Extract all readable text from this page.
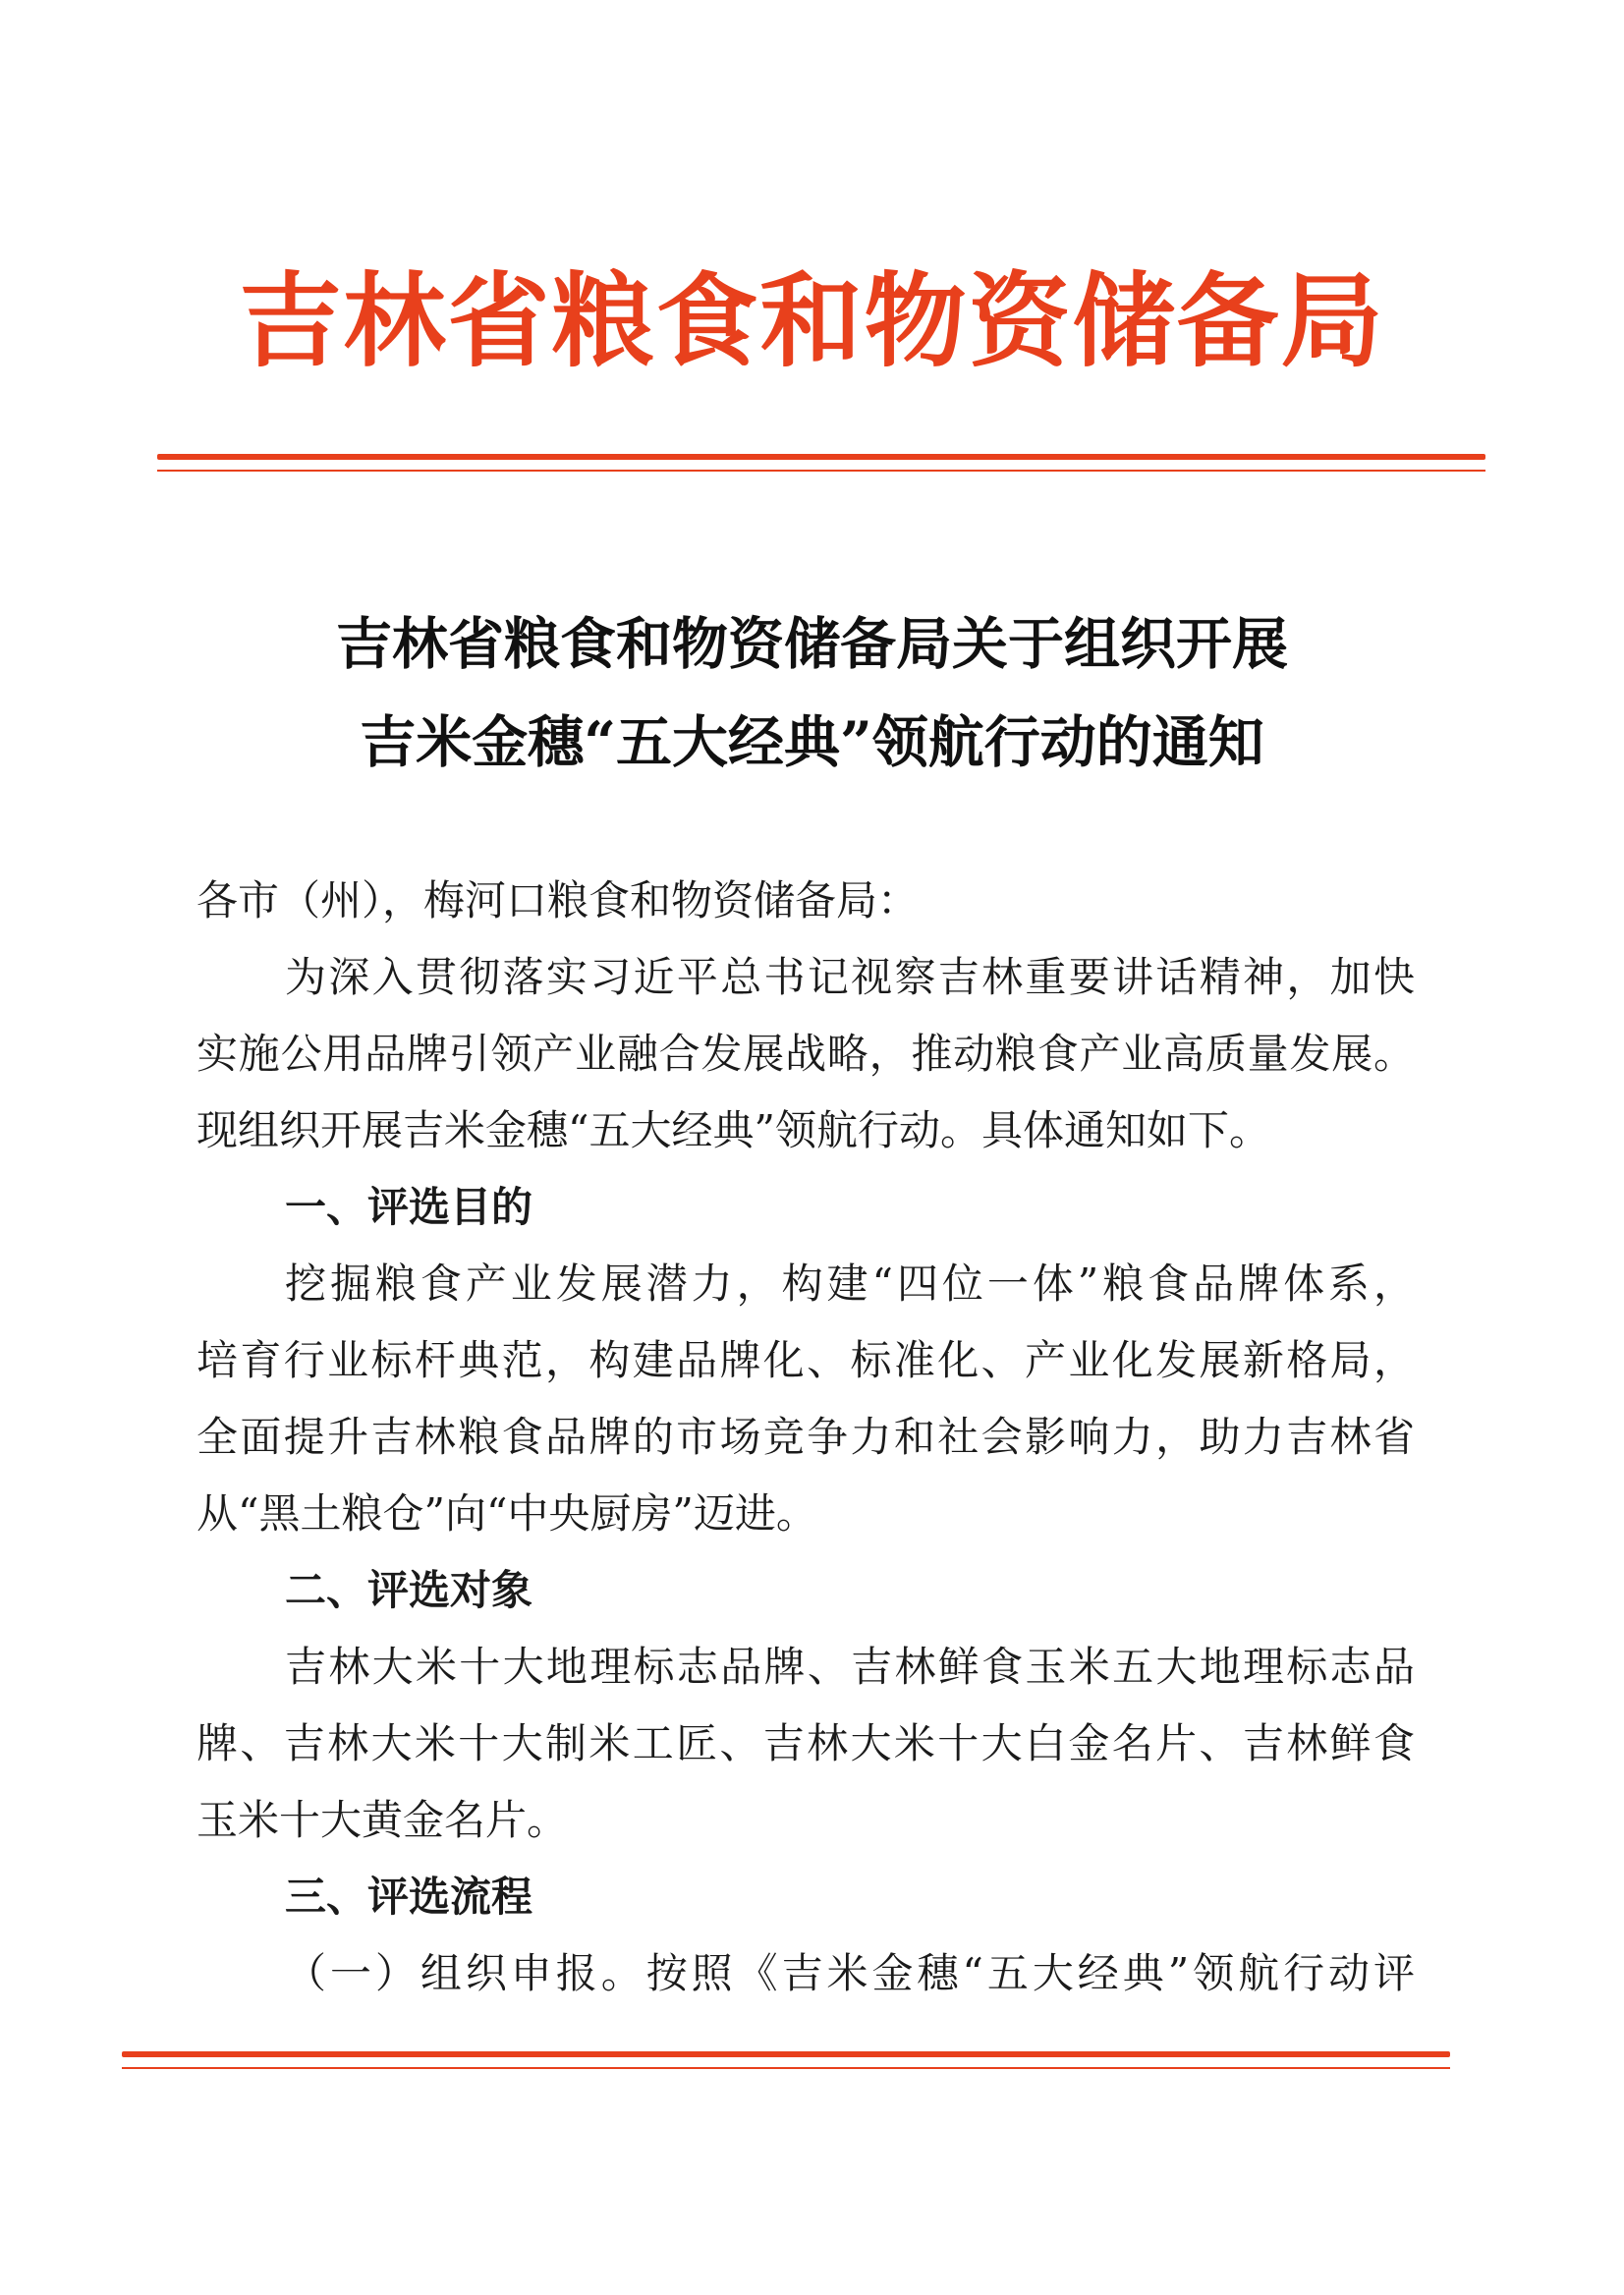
吉林省粮食和物资储备局
吉林省粮食和物资储备局关于组织开展
吉米金穗“五大经典”领航行动的通知
各市（州），梅河口粮食和物资储备局：
为深入贯彻落实习近平总书记视察吉林重要讲话精神，加快
实施公用品牌引领产业融合发展战略，推动粮食产业高质量发展。
现组织开展吉米金穗“五大经典”领航行动。具体通知如下。
一、评选目的
挖掘粮食产业发展潜力，构建“四位一体”粮食品牌体系，
培育行业标杆典范，构建品牌化、标准化、产业化发展新格局，
全面提升吉林粮食品牌的市场竞争力和社会影响力，助力吉林省
从“黑土粮仓”向“中央厨房”迈进。
二、评选对象
吉林大米十大地理标志品牌、吉林鲜食玉米五大地理标志品
牌、吉林大米十大制米工匠、吉林大米十大白金名片、吉林鲜食
玉米十大黄金名片。
三、评选流程
（一）组织申报。按照《吉米金穗“五大经典”领航行动评
